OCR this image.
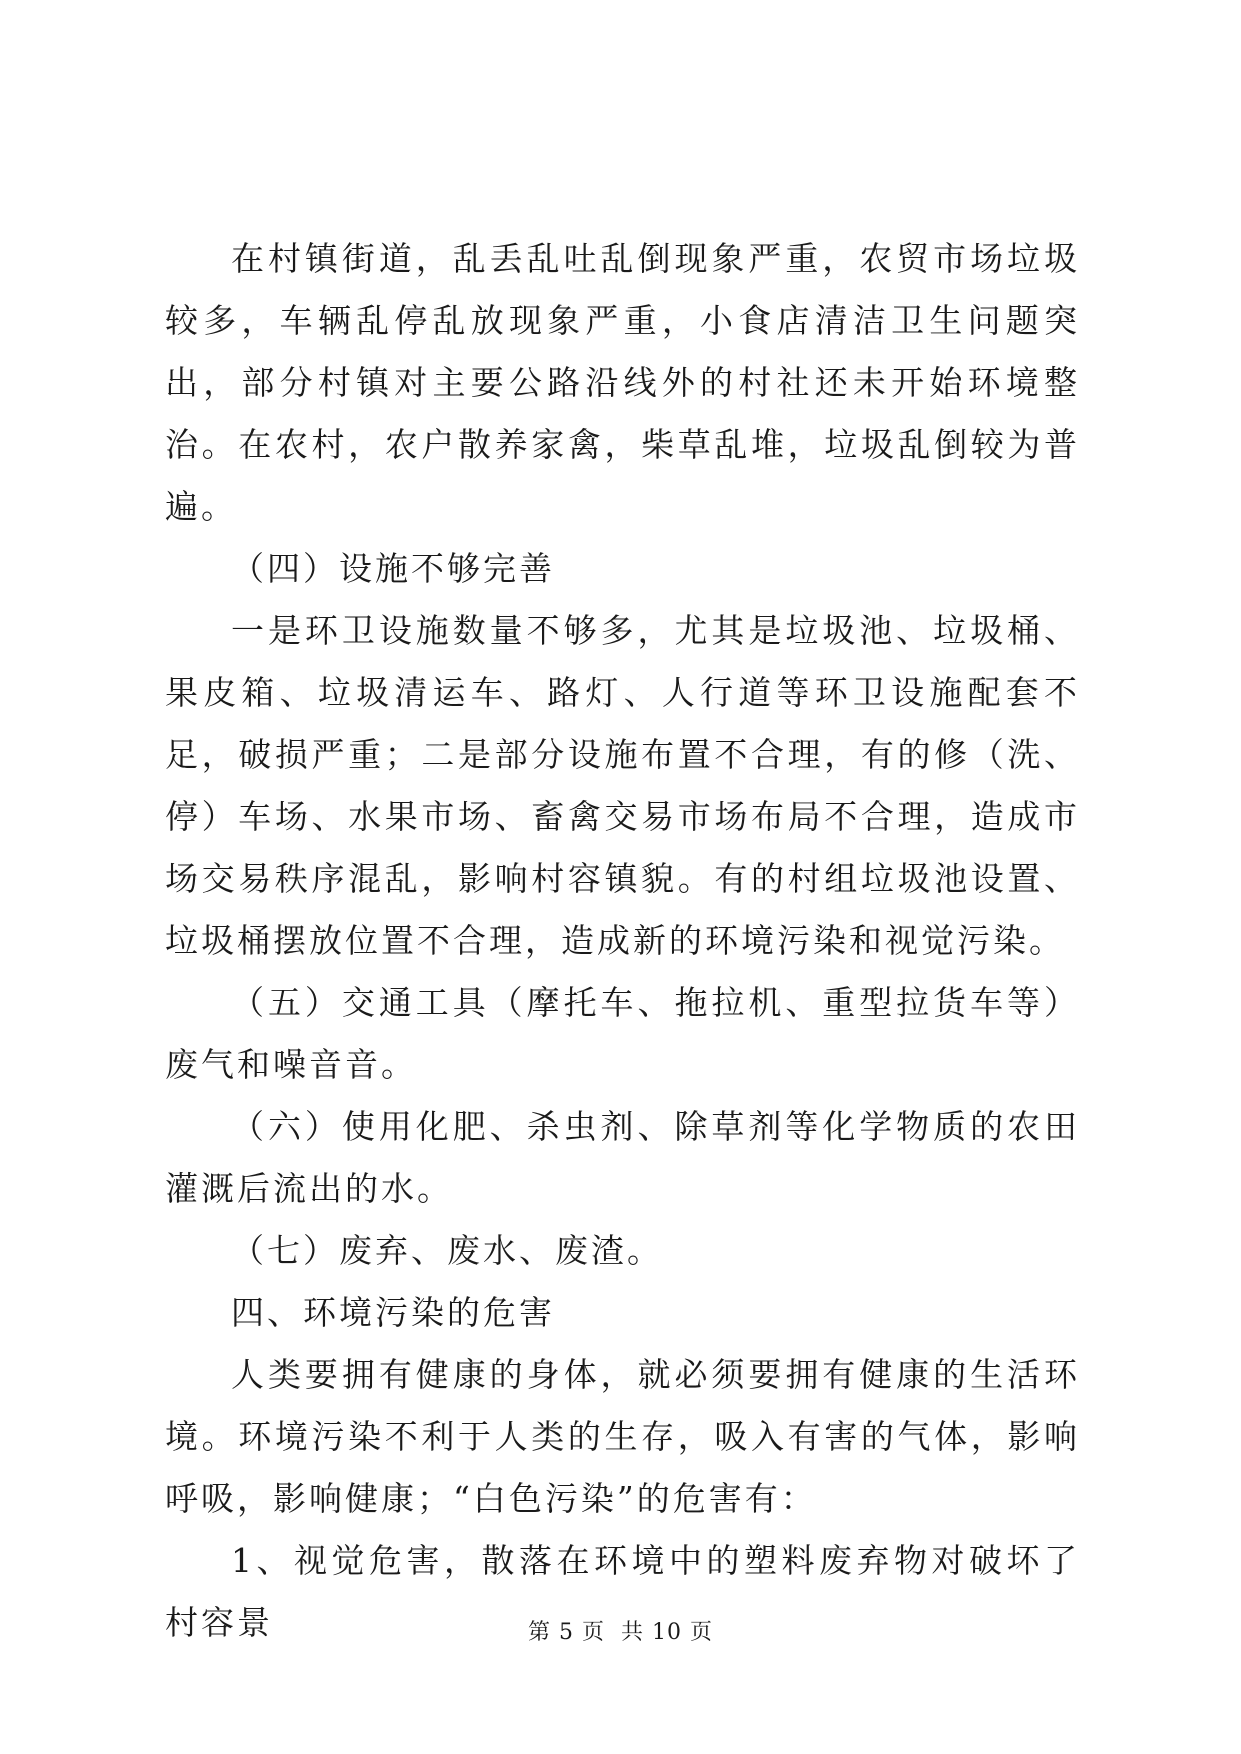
在村镇街道，乱丢乱吐乱倒现象严重，农贸市场垃圾较多，车辆乱停乱放现象严重，小食店清洁卫生问题突出，部分村镇对主要公路沿线外的村社还未开始环境整治。在农村，农户散养家禽，柴草乱堆，垃圾乱倒较为普遍。

（四）设施不够完善

一是环卫设施数量不够多，尤其是垃圾池、垃圾桶、果皮箱、垃圾清运车、路灯、人行道等环卫设施配套不足，破损严重；二是部分设施布置不合理，有的修（洗、停）车场、水果市场、畜禽交易市场布局不合理，造成市场交易秩序混乱，影响村容镇貌。有的村组垃圾池设置、垃圾桶摆放位置不合理，造成新的环境污染和视觉污染。

（五）交通工具（摩托车、拖拉机、重型拉货车等）废气和噪音音。

（六）使用化肥、杀虫剂、除草剂等化学物质的农田灌溉后流出的水。

（七）废弃、废水、废渣。

四、环境污染的危害

人类要拥有健康的身体，就必须要拥有健康的生活环境。环境污染不利于人类的生存，吸入有害的气体，影响呼吸，影响健康；“白色污染”的危害有：

1、视觉危害，散落在环境中的塑料废弃物对破坏了村容景	第 5 页  共 10 页
